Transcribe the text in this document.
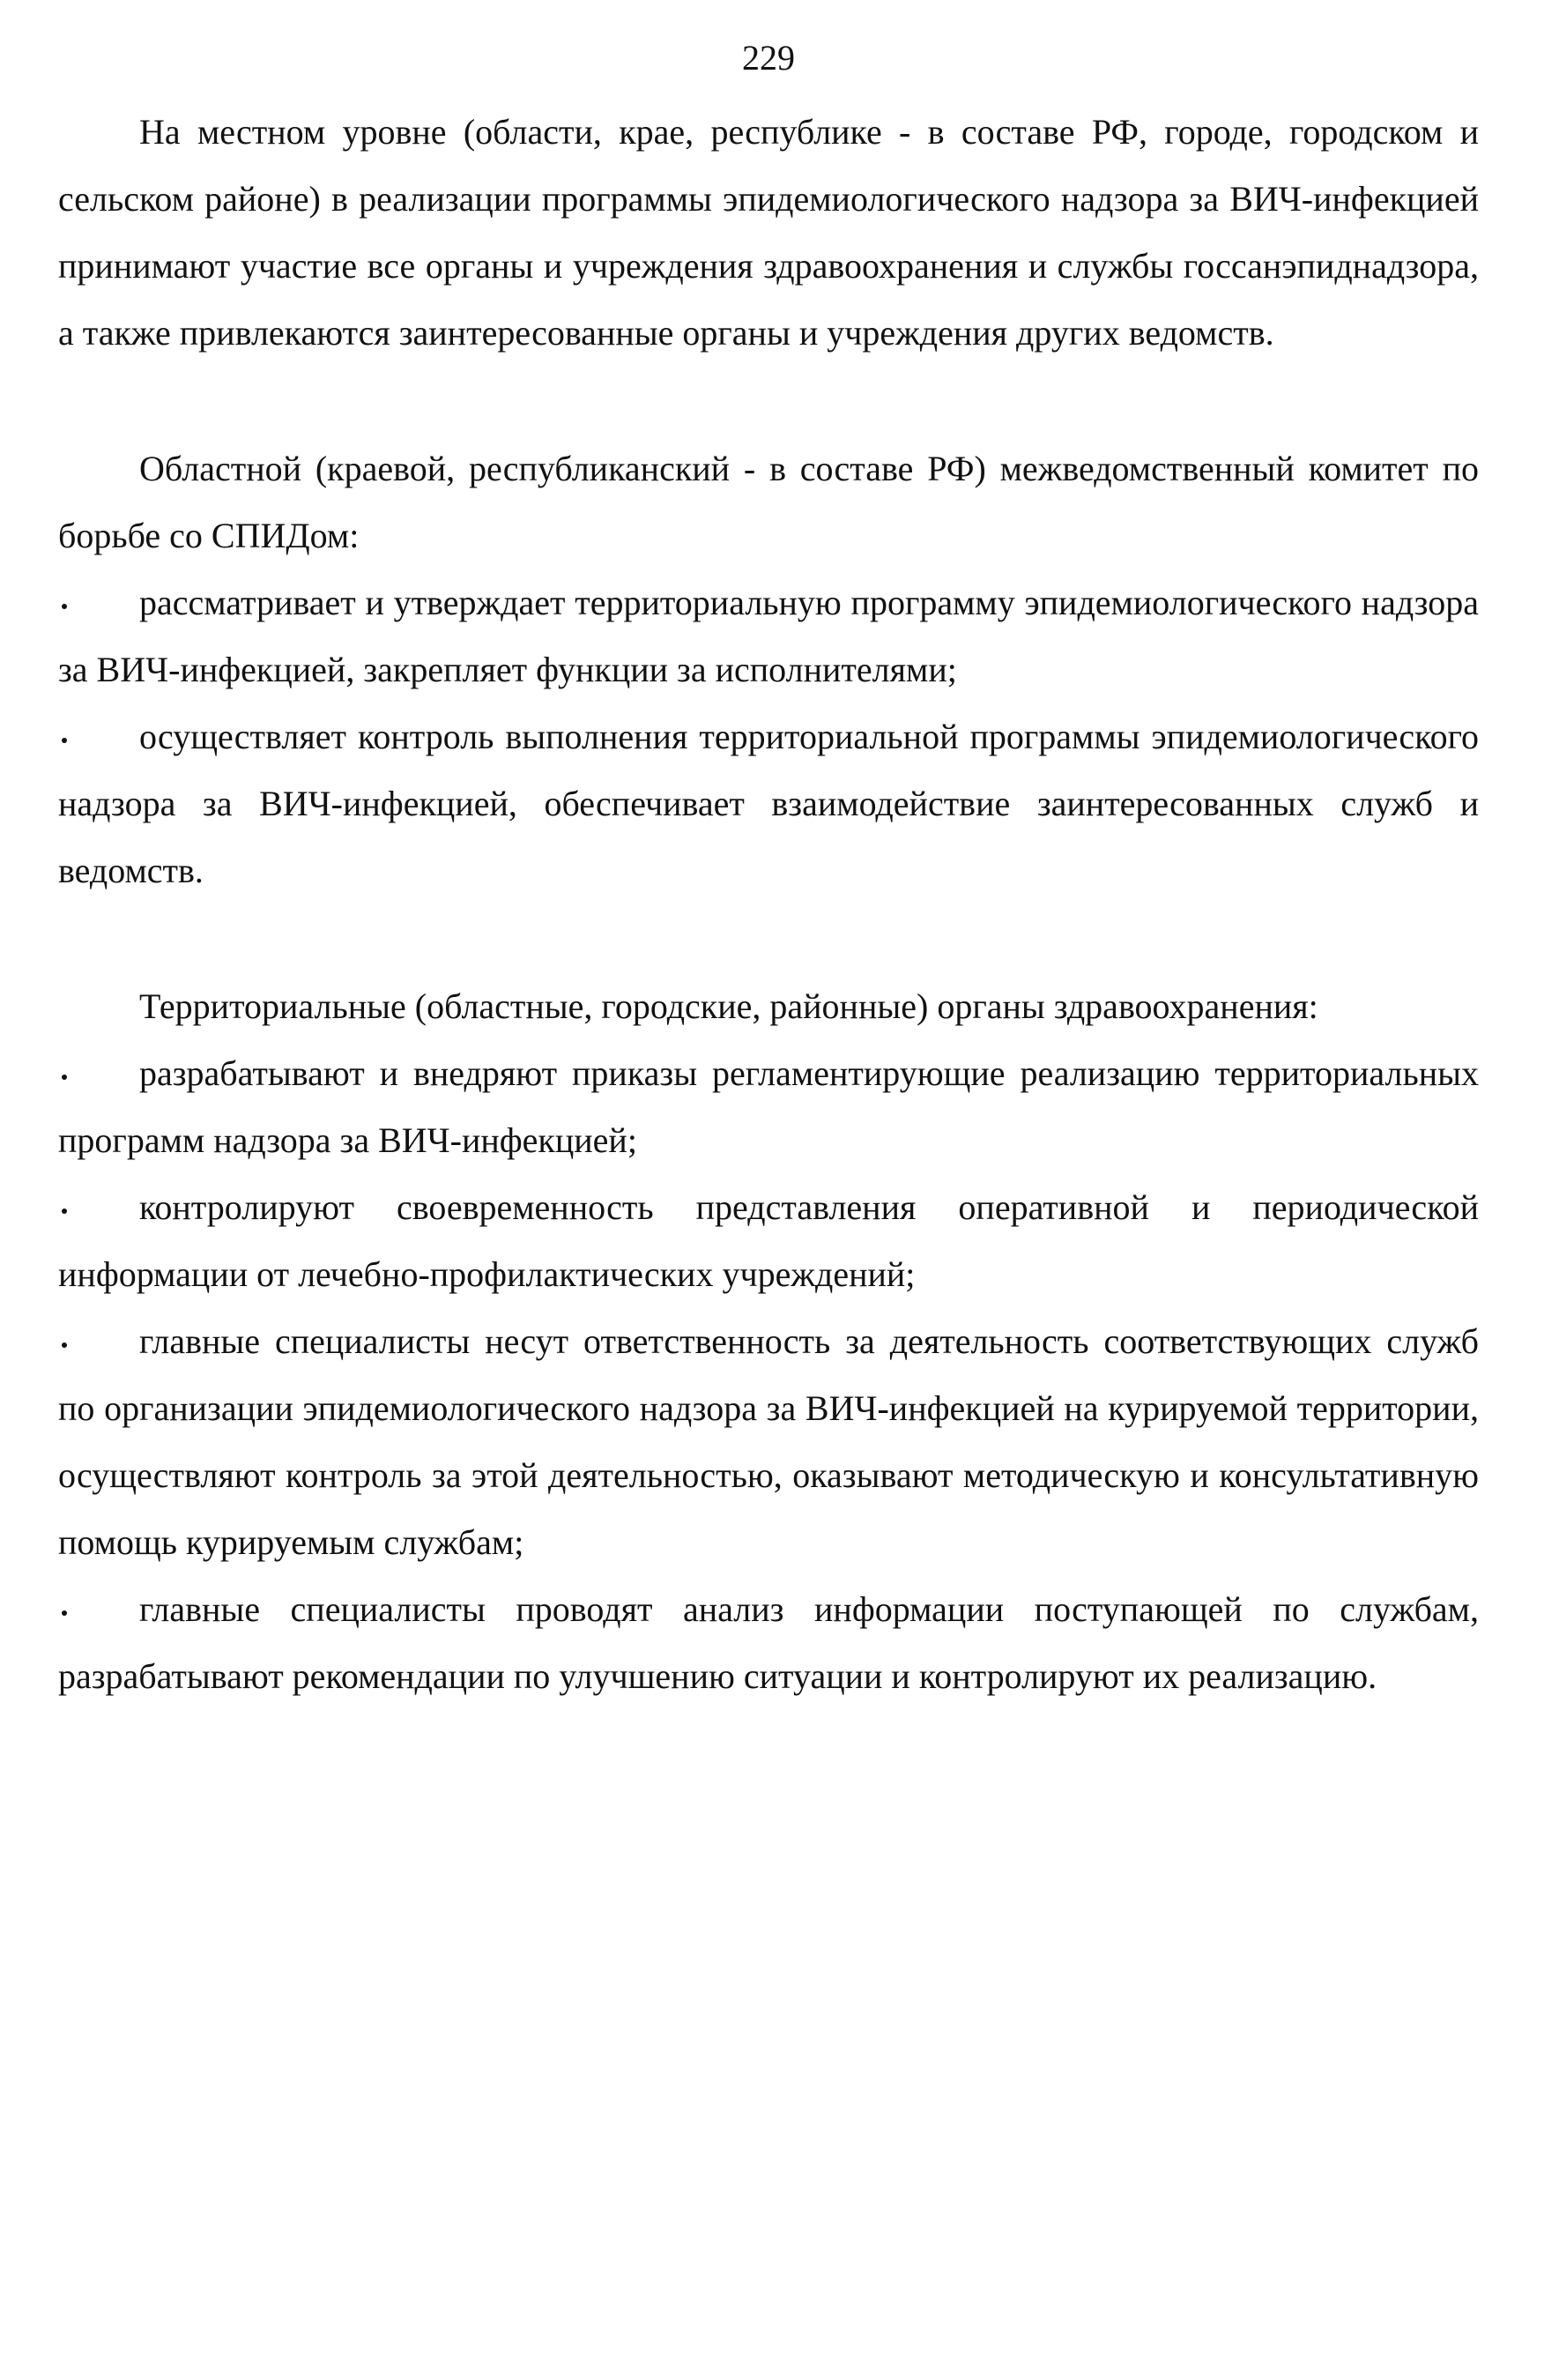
229

На местном уровне (области, крае, республике - в составе РФ, городе, городском и сельском районе) в реализации программы эпидемиологического надзора за ВИЧ-инфекцией принимают участие все органы и учреждения здравоохранения и службы госсанэпиднадзора, а также привлекаются заинтересованные органы и учреждения других ведомств.

Областной (краевой, республиканский - в составе РФ) межведомственный комитет по борьбе со СПИДом:

рассматривает и утверждает территориальную программу эпидемиологического надзора за ВИЧ-инфекцией, закрепляет функции за исполнителями;

осуществляет контроль выполнения территориальной программы эпидемиологического надзора за ВИЧ-инфекцией, обеспечивает взаимодействие заинтересованных служб и ведомств.

Территориальные (областные, городские, районные) органы здравоохранения:

разрабатывают и внедряют приказы регламентирующие реализацию территориальных программ надзора за ВИЧ-инфекцией;

контролируют своевременность представления оперативной и периодической информации от лечебно-профилактических учреждений;

главные специалисты несут ответственность за деятельность соответствующих служб по организации эпидемиологического надзора за ВИЧ-инфекцией на курируемой территории, осуществляют контроль за этой деятельностью, оказывают методическую и консультативную помощь курируемым службам;

главные специалисты проводят анализ информации поступающей по службам, разрабатывают рекомендации по улучшению ситуации и контролируют их реализацию.
